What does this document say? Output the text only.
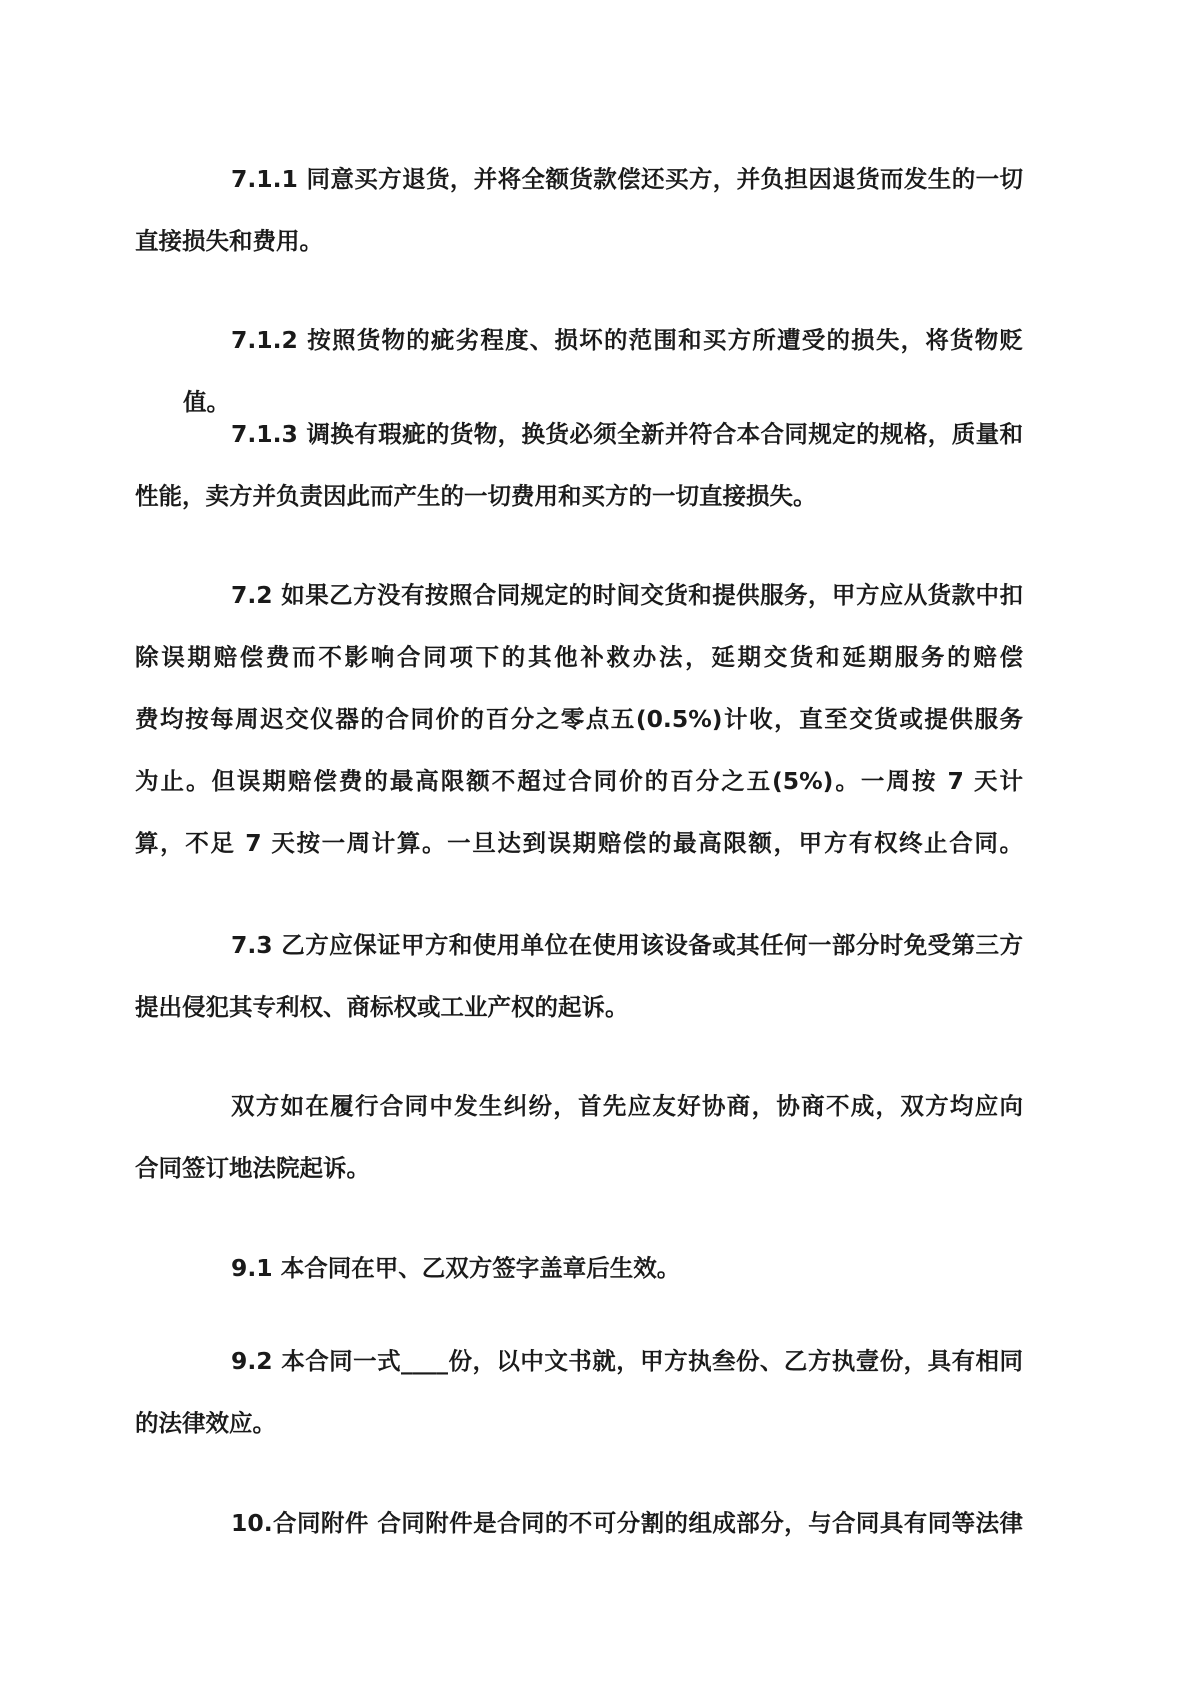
7.1.1 同意买方退货，并将全额货款偿还买方，并负担因退货而发生的一切
直接损失和费用。

7.1.2 按照货物的疵劣程度、损坏的范围和买方所遭受的损失，将货物贬值。

7.1.3 调换有瑕疵的货物，换货必须全新并符合本合同规定的规格，质量和
性能，卖方并负责因此而产生的一切费用和买方的一切直接损失。

7.2 如果乙方没有按照合同规定的时间交货和提供服务，甲方应从货款中扣
除误期赔偿费而不影响合同项下的其他补救办法，延期交货和延期服务的赔偿
费均按每周迟交仪器的合同价的百分之零点五(0.5%)计收，直至交货或提供服务
为止。但误期赔偿费的最高限额不超过合同价的百分之五(5%)。一周按 7 天计
算，不足 7 天按一周计算。一旦达到误期赔偿的最高限额，甲方有权终止合同。

7.3 乙方应保证甲方和使用单位在使用该设备或其任何一部分时免受第三方
提出侵犯其专利权、商标权或工业产权的起诉。

双方如在履行合同中发生纠纷，首先应友好协商，协商不成，双方均应向
合同签订地法院起诉。

9.1 本合同在甲、乙双方签字盖章后生效。

9.2 本合同一式____份，以中文书就，甲方执叁份、乙方执壹份，具有相同
的法律效应。

10.合同附件 合同附件是合同的不可分割的组成部分，与合同具有同等法律
